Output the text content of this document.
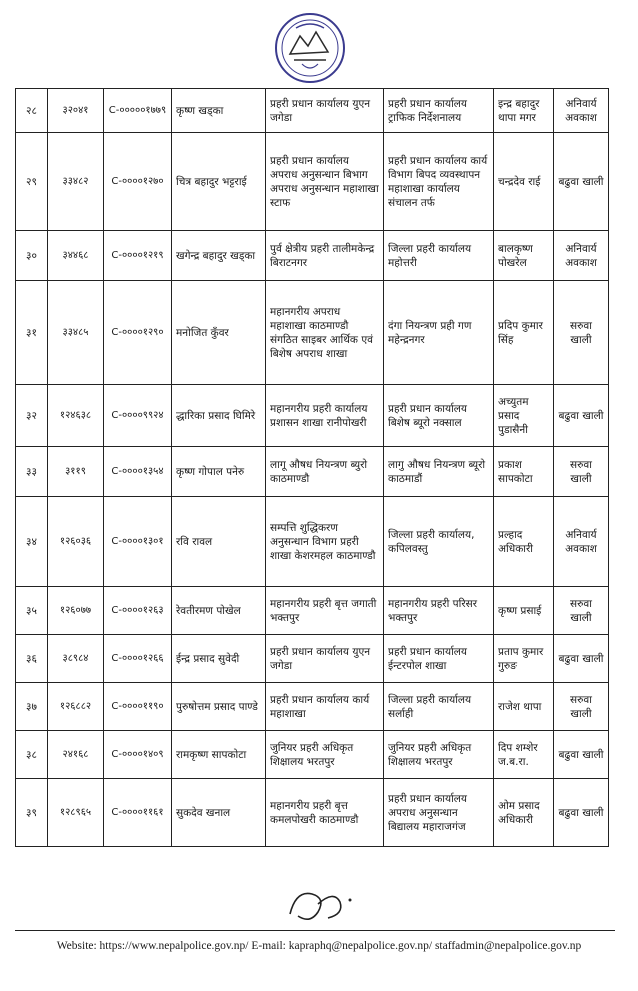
२८	३२०४१	C-०००००१७७९	कृष्ण खड्का	प्रहरी प्रधान कार्यालय युएन जगेडा	प्रहरी प्रधान कार्यालय ट्राफिक निर्देशनालय	इन्द्र बहादुर थापा मगर	अनिवार्य अवकाश
२९	३३४८२	C-००००१२७०	चित्र बहादुर भट्टराई	प्रहरी प्रधान कार्यालय अपराध अनुसन्धान बिभाग अपराध अनुसन्धान महाशाखा स्टाफ	प्रहरी प्रधान कार्यालय कार्य विभाग बिपद व्यवस्थापन महाशाखा कार्यालय संचालन तर्फ	चन्द्रदेव राई	बढुवा खाली
३०	३४४६८	C-००००१२१९	खगेन्द्र बहादुर खड्का	पुर्व क्षेत्रीय प्रहरी तालीमकेन्द्र बिराटनगर	जिल्ला प्रहरी कार्यालय महोत्तरी	बालकृष्ण पोखरेल	अनिवार्य अवकाश
३१	३३४८५	C-००००१२९०	मनोजित कुँवर	महानगरीय अपराध महाशाखा काठमाण्डौ संगठित साइबर आर्थिक एवं बिशेष अपराध शाखा	दंगा नियन्त्रण प्रही गण महेन्द्रनगर	प्रदिप कुमार सिंह	सरुवा खाली
३२	१२४६३८	C-००००९९२४	द्धारिका प्रसाद घिमिरे	महानगरीय प्रहरी कार्यालय प्रशासन शाखा रानीपोखरी	प्रहरी प्रधान कार्यालय बिशेष ब्यूरो नक्साल	अच्युतम प्रसाद पुडासैनी	बढुवा खाली
३३	३११९	C-००००१३५४	कृष्ण गोपाल पनेरु	लागू औषध नियन्त्रण ब्युरो काठमाण्डौ	लागु औषध नियन्त्रण ब्यूरो काठमाडौं	प्रकाश सापकोटा	सरुवा खाली
३४	१२६०३६	C-००००१३०१	रवि रावल	सम्पत्ति शुद्धिकरण अनुसन्धान विभाग प्रहरी शाखा केशरमहल काठमाण्डौ	जिल्ला प्रहरी कार्यालय, कपिलवस्तु	प्रल्हाद अधिकारी	अनिवार्य अवकाश
३५	१२६०७७	C-००००१२६३	रेवतीरमण पोखेल	महानगरीय प्रहरी बृत्त जगाती भक्तपुर	महानगरीय प्रहरी परिसर भक्तपुर	कृष्ण प्रसाई	सरुवा खाली
३६	३८९८४	C-००००१२६६	ईन्द्र प्रसाद सुवेदी	प्रहरी प्रधान कार्यालय युएन जगेडा	प्रहरी प्रधान कार्यालय ईन्टरपोल शाखा	प्रताप कुमार गुरुङ	बढुवा खाली
३७	१२६८८२	C-००००११९०	पुरुषोत्तम प्रसाद पाण्डे	प्रहरी प्रधान कार्यालय कार्य महाशाखा	जिल्ला प्रहरी कार्यालय सर्लाही	राजेश थापा	सरुवा खाली
३८	२४१६८	C-००००१४०९	रामकृष्ण सापकोटा	जुनियर प्रहरी अधिकृत शिक्षालय भरतपुर	जुनियर प्रहरी अधिकृत शिक्षालय भरतपुर	दिप शम्शेर ज.ब.रा.	बढुवा खाली
३९	१२८९६५	C-००००११६१	सुकदेव खनाल	महानगरीय प्रहरी बृत्त कमलपोखरी काठमाण्डौ	प्रहरी प्रधान कार्यालय अपराध अनुसन्धान बिद्यालय महाराजगंज	ओम प्रसाद अधिकारी	बढुवा खाली
Website: https://www.nepalpolice.gov.np/ E-mail: kapraphq@nepalpolice.gov.np/ staffadmin@nepalpolice.gov.np
